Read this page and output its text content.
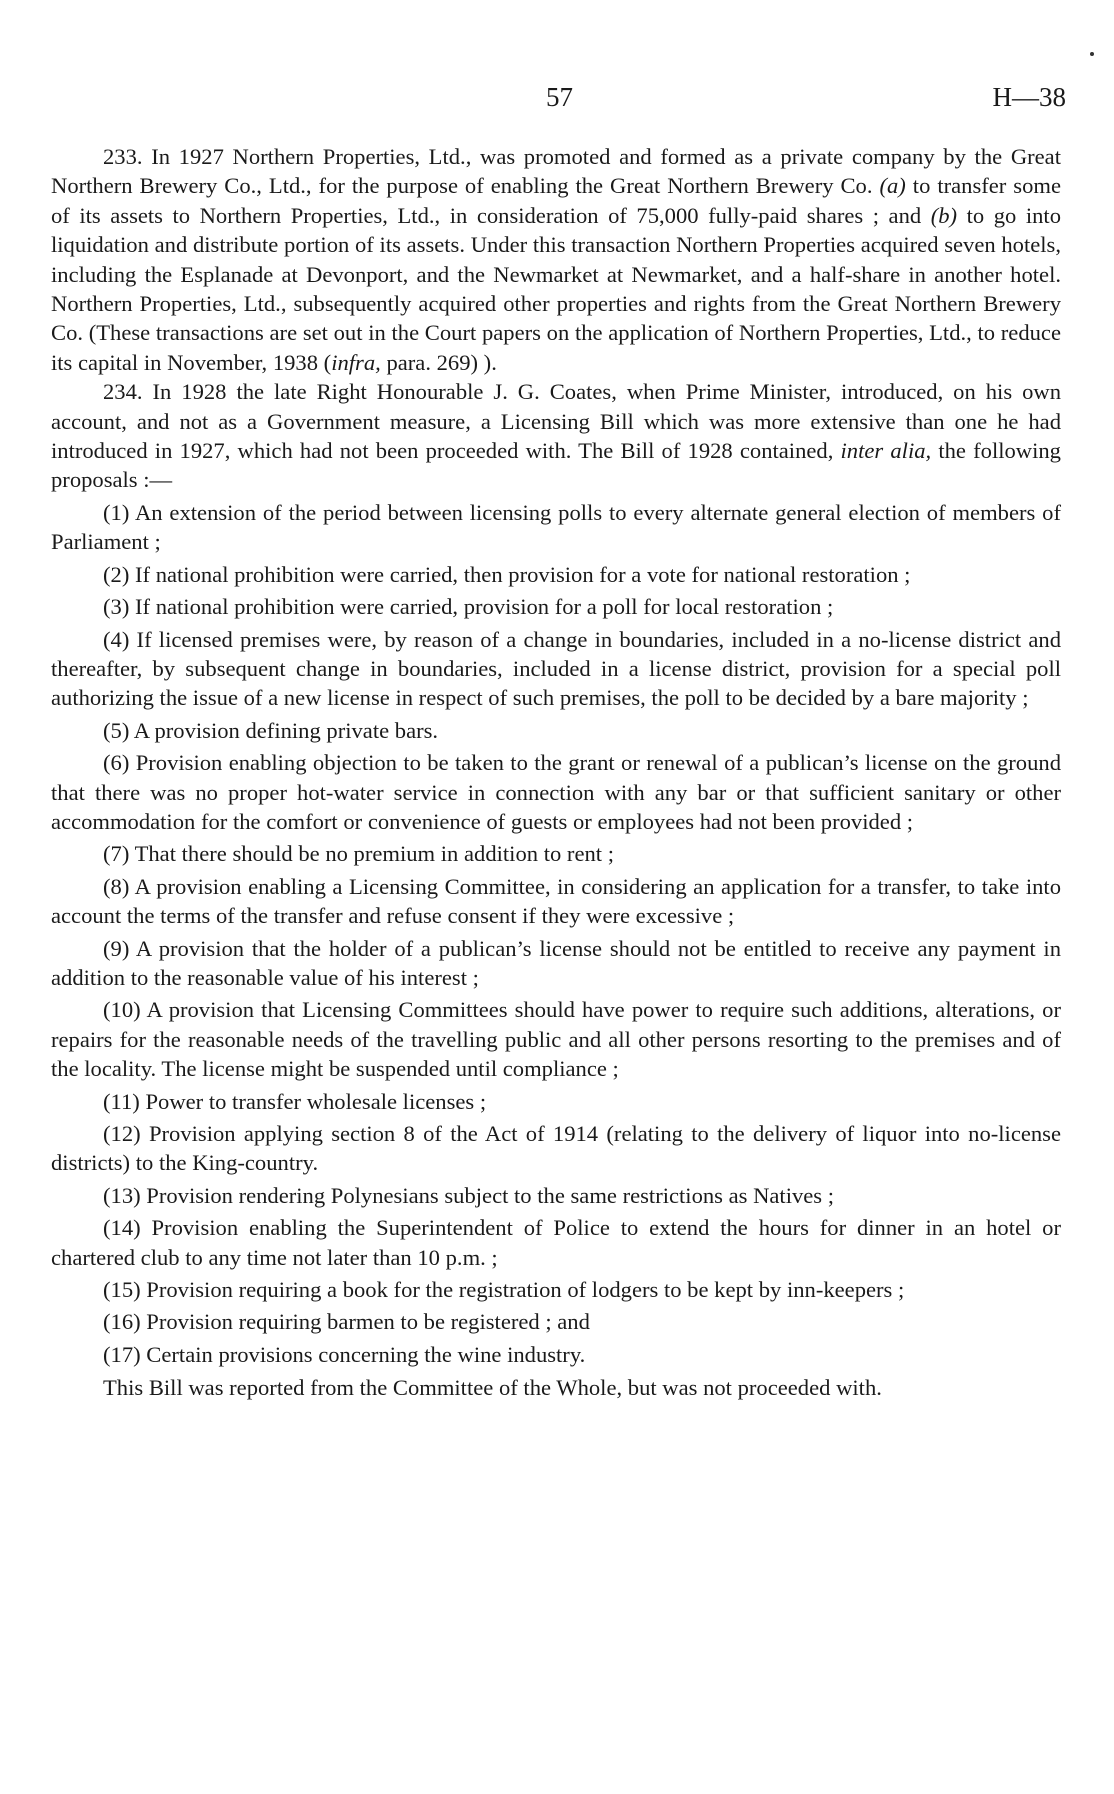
57	H—38

233. In 1927 Northern Properties, Ltd., was promoted and formed as a private company by the Great Northern Brewery Co., Ltd., for the purpose of enabling the Great Northern Brewery Co. (a) to transfer some of its assets to Northern Properties, Ltd., in consideration of 75,000 fully-paid shares ; and (b) to go into liquidation and distribute portion of its assets. Under this transaction Northern Properties acquired seven hotels, including the Esplanade at Devonport, and the Newmarket at Newmarket, and a half-share in another hotel. Northern Properties, Ltd., subsequently acquired other properties and rights from the Great Northern Brewery Co. (These transactions are set out in the Court papers on the application of Northern Properties, Ltd., to reduce its capital in November, 1938 (infra, para. 269) ).

234. In 1928 the late Right Honourable J. G. Coates, when Prime Minister, introduced, on his own account, and not as a Government measure, a Licensing Bill which was more extensive than one he had introduced in 1927, which had not been proceeded with. The Bill of 1928 contained, inter alia, the following proposals :—

(1) An extension of the period between licensing polls to every alternate general election of members of Parliament ;

(2) If national prohibition were carried, then provision for a vote for national restoration ;

(3) If national prohibition were carried, provision for a poll for local restoration ;

(4) If licensed premises were, by reason of a change in boundaries, included in a no-license district and thereafter, by subsequent change in boundaries, included in a license district, provision for a special poll authorizing the issue of a new license in respect of such premises, the poll to be decided by a bare majority ;

(5) A provision defining private bars.

(6) Provision enabling objection to be taken to the grant or renewal of a publican’s license on the ground that there was no proper hot-water service in connection with any bar or that sufficient sanitary or other accommodation for the comfort or convenience of guests or employees had not been provided ;

(7) That there should be no premium in addition to rent ;

(8) A provision enabling a Licensing Committee, in considering an application for a transfer, to take into account the terms of the transfer and refuse consent if they were excessive ;

(9) A provision that the holder of a publican’s license should not be entitled to receive any payment in addition to the reasonable value of his interest ;

(10) A provision that Licensing Committees should have power to require such additions, alterations, or repairs for the reasonable needs of the travelling public and all other persons resorting to the premises and of the locality. The license might be suspended until compliance ;

(11) Power to transfer wholesale licenses ;

(12) Provision applying section 8 of the Act of 1914 (relating to the delivery of liquor into no-license districts) to the King-country.

(13) Provision rendering Polynesians subject to the same restrictions as Natives ;

(14) Provision enabling the Superintendent of Police to extend the hours for dinner in an hotel or chartered club to any time not later than 10 p.m. ;

(15) Provision requiring a book for the registration of lodgers to be kept by inn-keepers ;

(16) Provision requiring barmen to be registered ; and

(17) Certain provisions concerning the wine industry.

This Bill was reported from the Committee of the Whole, but was not proceeded with.
